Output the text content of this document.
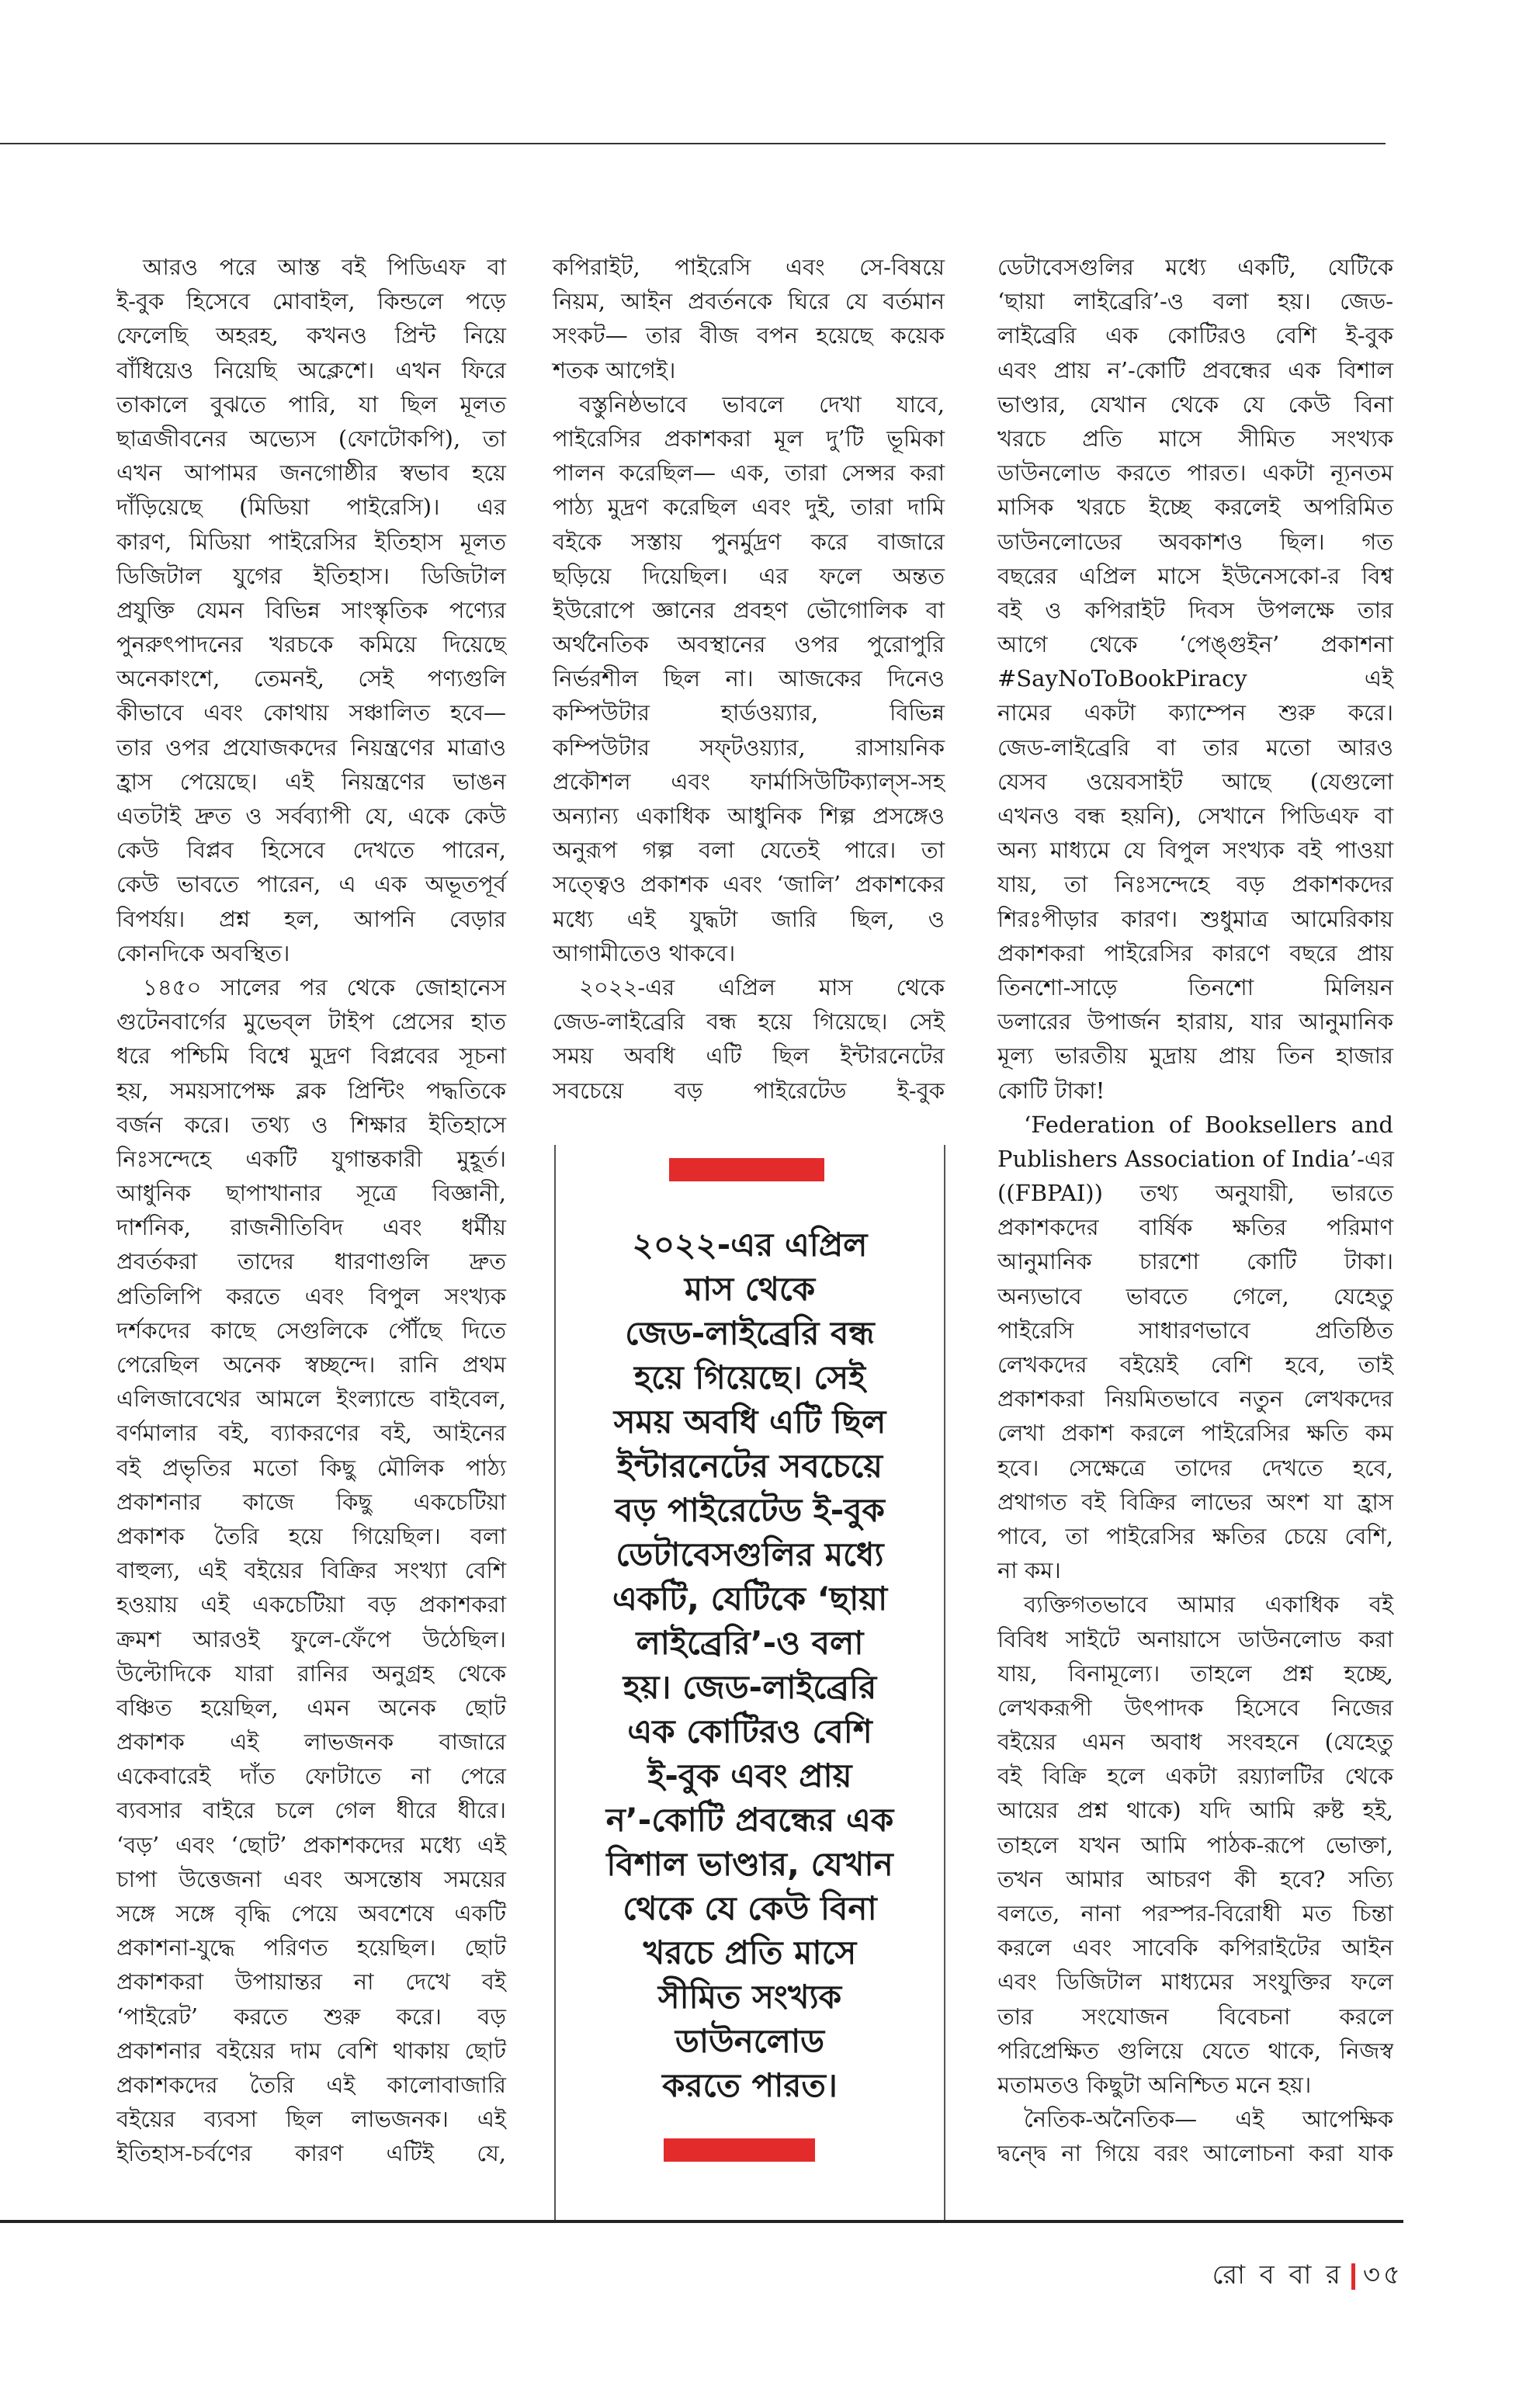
আরও পরে আস্ত বই পিডিএফ বা
ই-বুক হিসেবে মোবাইল, কিন্ডলে পড়ে
ফেলেছি অহরহ, কখনও প্রিন্ট নিয়ে
বাঁধিয়েও নিয়েছি অক্লেশে। এখন ফিরে
তাকালে বুঝতে পারি, যা ছিল মূলত
ছাত্রজীবনের অভ্যেস (ফোটোকপি), তা
এখন আপামর জনগোষ্ঠীর স্বভাব হয়ে
দাঁড়িয়েছে (মিডিয়া পাইরেসি)। এর
কারণ, মিডিয়া পাইরেসির ইতিহাস মূলত
ডিজিটাল যুগের ইতিহাস। ডিজিটাল
প্রযুক্তি যেমন বিভিন্ন সাংস্কৃতিক পণ্যের
পুনরুৎপাদনের খরচকে কমিয়ে দিয়েছে
অনেকাংশে, তেমনই, সেই পণ্যগুলি
কীভাবে এবং কোথায় সঞ্চালিত হবে—
তার ওপর প্রযোজকদের নিয়ন্ত্রণের মাত্রাও
হ্রাস পেয়েছে। এই নিয়ন্ত্রণের ভাঙন
এতটাই দ্রুত ও সর্বব্যাপী যে, একে কেউ
কেউ বিপ্লব হিসেবে দেখতে পারেন,
কেউ ভাবতে পারেন, এ এক অভূতপূর্ব
বিপর্যয়। প্রশ্ন হল, আপনি বেড়ার
কোনদিকে অবস্থিত।
১৪৫০ সালের পর থেকে জোহানেস
গুটেনবার্গের মুভেব্‌ল টাইপ প্রেসের হাত
ধরে পশ্চিমি বিশ্বে মুদ্রণ বিপ্লবের সূচনা
হয়, সময়সাপেক্ষ ব্লক প্রিন্টিং পদ্ধতিকে
বর্জন করে। তথ্য ও শিক্ষার ইতিহাসে
নিঃসন্দেহে একটি যুগান্তকারী মুহূর্ত।
আধুনিক ছাপাখানার সূত্রে বিজ্ঞানী,
দার্শনিক, রাজনীতিবিদ এবং ধর্মীয়
প্রবর্তকরা তাদের ধারণাগুলি দ্রুত
প্রতিলিপি করতে এবং বিপুল সংখ্যক
দর্শকদের কাছে সেগুলিকে পৌঁছে দিতে
পেরেছিল অনেক স্বচ্ছন্দে। রানি প্রথম
এলিজাবেথের আমলে ইংল্যান্ডে বাইবেল,
বর্ণমালার বই, ব্যাকরণের বই, আইনের
বই প্রভৃতির মতো কিছু মৌলিক পাঠ্য
প্রকাশনার কাজে কিছু একচেটিয়া
প্রকাশক তৈরি হয়ে গিয়েছিল। বলা
বাহুল্য, এই বইয়ের বিক্রির সংখ্যা বেশি
হওয়ায় এই একচেটিয়া বড় প্রকাশকরা
ক্রমশ আরওই ফুলে-ফেঁপে উঠেছিল।
উল্টোদিকে যারা রানির অনুগ্রহ থেকে
বঞ্চিত হয়েছিল, এমন অনেক ছোট
প্রকাশক এই লাভজনক বাজারে
একেবারেই দাঁত ফোটাতে না পেরে
ব্যবসার বাইরে চলে গেল ধীরে ধীরে।
‘বড়’ এবং ‘ছোট’ প্রকাশকদের মধ্যে এই
চাপা উত্তেজনা এবং অসন্তোষ সময়ের
সঙ্গে সঙ্গে বৃদ্ধি পেয়ে অবশেষে একটি
প্রকাশনা-যুদ্ধে পরিণত হয়েছিল। ছোট
প্রকাশকরা উপায়ান্তর না দেখে বই
‘পাইরেট’ করতে শুরু করে। বড়
প্রকাশনার বইয়ের দাম বেশি থাকায় ছোট
প্রকাশকদের তৈরি এই কালোবাজারি
বইয়ের ব্যবসা ছিল লাভজনক। এই
ইতিহাস-চর্বণের কারণ এটিই যে,
কপিরাইট, পাইরেসি এবং সে-বিষয়ে
নিয়ম, আইন প্রবর্তনকে ঘিরে যে বর্তমান
সংকট— তার বীজ বপন হয়েছে কয়েক
শতক আগেই।
বস্তুনিষ্ঠভাবে ভাবলে দেখা যাবে,
পাইরেসির প্রকাশকরা মূল দু’টি ভূমিকা
পালন করেছিল— এক, তারা সেন্সর করা
পাঠ্য মুদ্রণ করেছিল এবং দুই, তারা দামি
বইকে সস্তায় পুনর্মুদ্রণ করে বাজারে
ছড়িয়ে দিয়েছিল। এর ফলে অন্তত
ইউরোপে জ্ঞানের প্রবহণ ভৌগোলিক বা
অর্থনৈতিক অবস্থানের ওপর পুরোপুরি
নির্ভরশীল ছিল না। আজকের দিনেও
কম্পিউটার হার্ডওয়্যার, বিভিন্ন
কম্পিউটার সফ্‌টওয়্যার, রাসায়নিক
প্রকৌশল এবং ফার্মাসিউটিক্যাল্‌স-সহ
অন্যান্য একাধিক আধুনিক শিল্প প্রসঙ্গেও
অনুরূপ গল্প বলা যেতেই পারে। তা
সত্ত্বেও প্রকাশক এবং ‘জালি’ প্রকাশকের
মধ্যে এই যুদ্ধটা জারি ছিল, ও
আগামীতেও থাকবে।
২০২২-এর এপ্রিল মাস থেকে
জেড-লাইব্রেরি বন্ধ হয়ে গিয়েছে। সেই
সময় অবধি এটি ছিল ইন্টারনেটের
সবচেয়ে বড় পাইরেটেড ই-বুক
ডেটাবেসগুলির মধ্যে একটি, যেটিকে
‘ছায়া লাইব্রেরি’-ও বলা হয়। জেড-
লাইব্রেরি এক কোটিরও বেশি ই-বুক
এবং প্রায় ন’-কোটি প্রবন্ধের এক বিশাল
ভাণ্ডার, যেখান থেকে যে কেউ বিনা
খরচে প্রতি মাসে সীমিত সংখ্যক
ডাউনলোড করতে পারত। একটা ন্যূনতম
মাসিক খরচে ইচ্ছে করলেই অপরিমিত
ডাউনলোডের অবকাশও ছিল। গত
বছরের এপ্রিল মাসে ইউনেসকো-র বিশ্ব
বই ও কপিরাইট দিবস উপলক্ষে তার
আগে থেকে ‘পেঙ্গুইন’ প্রকাশনা
#SayNoToBookPiracy এই
নামের একটা ক্যাম্পেন শুরু করে।
জেড-লাইব্রেরি বা তার মতো আরও
যেসব ওয়েবসাইট আছে (যেগুলো
এখনও বন্ধ হয়নি), সেখানে পিডিএফ বা
অন্য মাধ্যমে যে বিপুল সংখ্যক বই পাওয়া
যায়, তা নিঃসন্দেহে বড় প্রকাশকদের
শিরঃপীড়ার কারণ। শুধুমাত্র আমেরিকায়
প্রকাশকরা পাইরেসির কারণে বছরে প্রায়
তিনশো-সাড়ে তিনশো মিলিয়ন
ডলারের উপার্জন হারায়, যার আনুমানিক
মূল্য ভারতীয় মুদ্রায় প্রায় তিন হাজার
কোটি টাকা!
‘Federation of Booksellers and
Publishers Association of India’-এর
((FBPAI)) তথ্য অনুযায়ী, ভারতে
প্রকাশকদের বার্ষিক ক্ষতির পরিমাণ
আনুমানিক চারশো কোটি টাকা।
অন্যভাবে ভাবতে গেলে, যেহেতু
পাইরেসি সাধারণভাবে প্রতিষ্ঠিত
লেখকদের বইয়েই বেশি হবে, তাই
প্রকাশকরা নিয়মিতভাবে নতুন লেখকদের
লেখা প্রকাশ করলে পাইরেসির ক্ষতি কম
হবে। সেক্ষেত্রে তাদের দেখতে হবে,
প্রথাগত বই বিক্রির লাভের অংশ যা হ্রাস
পাবে, তা পাইরেসির ক্ষতির চেয়ে বেশি,
না কম।
ব্যক্তিগতভাবে আমার একাধিক বই
বিবিধ সাইটে অনায়াসে ডাউনলোড করা
যায়, বিনামূল্যে। তাহলে প্রশ্ন হচ্ছে,
লেখকরূপী উৎপাদক হিসেবে নিজের
বইয়ের এমন অবাধ সংবহনে (যেহেতু
বই বিক্রি হলে একটা রয়্যালটির থেকে
আয়ের প্রশ্ন থাকে) যদি আমি রুষ্ট হই,
তাহলে যখন আমি পাঠক-রূপে ভোক্তা,
তখন আমার আচরণ কী হবে? সত্যি
বলতে, নানা পরস্পর-বিরোধী মত চিন্তা
করলে এবং সাবেকি কপিরাইটের আইন
এবং ডিজিটাল মাধ্যমের সংযুক্তির ফলে
তার সংযোজন বিবেচনা করলে
পরিপ্রেক্ষিত গুলিয়ে যেতে থাকে, নিজস্ব
মতামতও কিছুটা অনিশ্চিত মনে হয়।
নৈতিক-অনৈতিক— এই আপেক্ষিক
দ্বন্দ্বে না গিয়ে বরং আলোচনা করা যাক
২০২২-এর এপ্রিল
মাস থেকে
জেড-লাইব্রেরি বন্ধ
হয়ে গিয়েছে। সেই
সময় অবধি এটি ছিল
ইন্টারনেটের সবচেয়ে
বড় পাইরেটেড ই-বুক
ডেটাবেসগুলির মধ্যে
একটি, যেটিকে ‘ছায়া
লাইব্রেরি’-ও বলা
হয়। জেড-লাইব্রেরি
এক কোটিরও বেশি
ই-বুক এবং প্রায়
ন’-কোটি প্রবন্ধের এক
বিশাল ভাণ্ডার, যেখান
থেকে যে কেউ বিনা
খরচে প্রতি মাসে
সীমিত সংখ্যক
ডাউনলোড
করতে পারত।
রো ব বা র ৩৫
